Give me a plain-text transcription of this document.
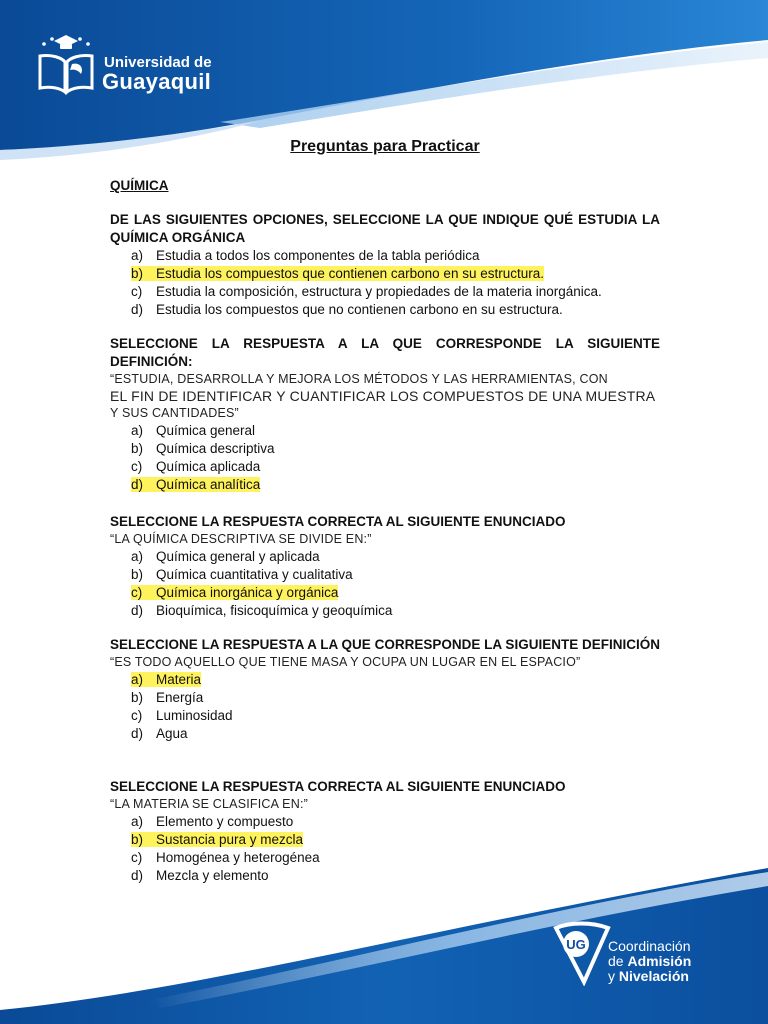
Universidad de
Guayaquil
Preguntas para Practicar
QUÍMICA
DE LAS SIGUIENTES OPCIONES, SELECCIONE LA QUE INDIQUE QUÉ ESTUDIA LA QUÍMICA ORGÁNICA
a) Estudia a todos los componentes de la tabla periódica
b) Estudia los compuestos que contienen carbono en su estructura.
c) Estudia la composición, estructura y propiedades de la materia inorgánica.
d) Estudia los compuestos que no contienen carbono en su estructura.
SELECCIONE LA RESPUESTA A LA QUE CORRESPONDE LA SIGUIENTE DEFINICIÓN:
“ESTUDIA, DESARROLLA Y MEJORA LOS MÉTODOS Y LAS HERRAMIENTAS, CON
EL FIN DE IDENTIFICAR Y CUANTIFICAR LOS COMPUESTOS DE UNA MUESTRA
Y SUS CANTIDADES”
a) Química general
b) Química descriptiva
c) Química aplicada
d) Química analítica
SELECCIONE LA RESPUESTA CORRECTA AL SIGUIENTE ENUNCIADO
“LA QUÍMICA DESCRIPTIVA SE DIVIDE EN:”
a) Química general y aplicada
b) Química cuantitativa y cualitativa
c) Química inorgánica y orgánica
d) Bioquímica, fisicoquímica y geoquímica
SELECCIONE LA RESPUESTA A LA QUE CORRESPONDE LA SIGUIENTE DEFINICIÓN
“ES TODO AQUELLO QUE TIENE MASA Y OCUPA UN LUGAR EN EL ESPACIO”
a) Materia
b) Energía
c) Luminosidad
d) Agua
SELECCIONE LA RESPUESTA CORRECTA AL SIGUIENTE ENUNCIADO
“LA MATERIA SE CLASIFICA EN:”
a) Elemento y compuesto
b) Sustancia pura y mezcla
c) Homogénea y heterogénea
d) Mezcla y elemento
UG Coordinación
de Admisión
y Nivelación
